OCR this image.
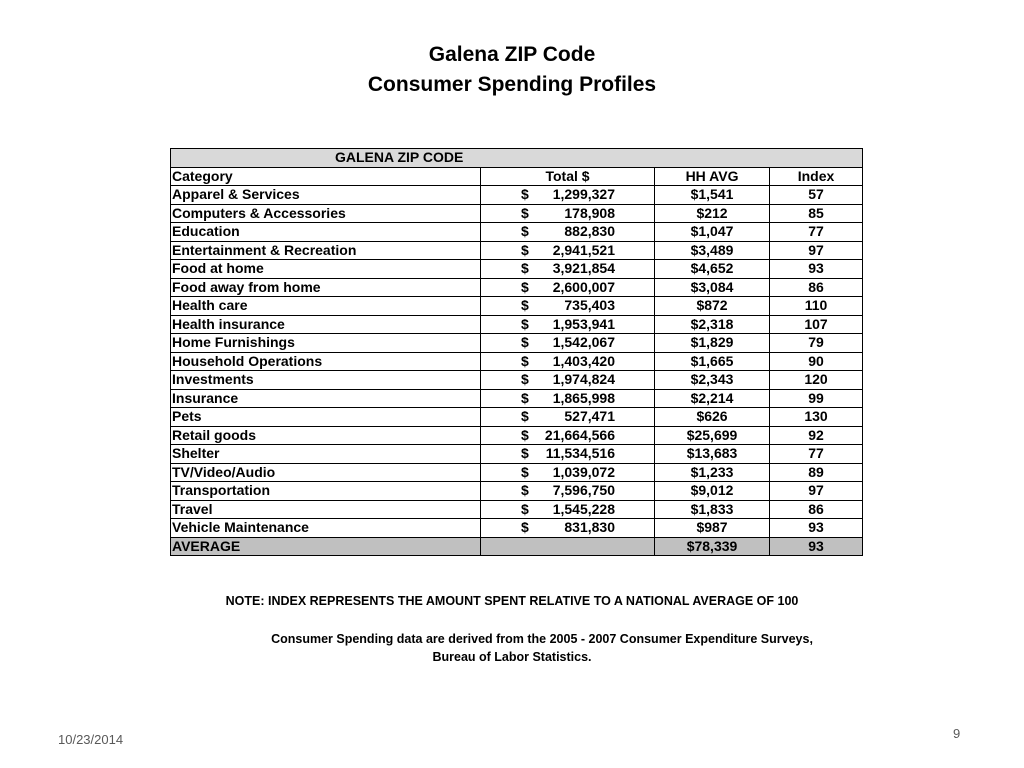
Galena ZIP Code
Consumer Spending Profiles
GALENA ZIP CODE			
Category	Total $	HH AVG	Index
Apparel & Services	$ 1,299,327	$1,541	57
Computers & Accessories	$ 178,908	$212	85
Education	$ 882,830	$1,047	77
Entertainment & Recreation	$ 2,941,521	$3,489	97
Food at home	$ 3,921,854	$4,652	93
Food away from home	$ 2,600,007	$3,084	86
Health care	$ 735,403	$872	110
Health insurance	$ 1,953,941	$2,318	107
Home Furnishings	$ 1,542,067	$1,829	79
Household Operations	$ 1,403,420	$1,665	90
Investments	$ 1,974,824	$2,343	120
Insurance	$ 1,865,998	$2,214	99
Pets	$ 527,471	$626	130
Retail goods	$ 21,664,566	$25,699	92
Shelter	$ 11,534,516	$13,683	77
TV/Video/Audio	$ 1,039,072	$1,233	89
Transportation	$ 7,596,750	$9,012	97
Travel	$ 1,545,228	$1,833	86
Vehicle Maintenance	$ 831,830	$987	93
AVERAGE		$78,339	93
NOTE: INDEX REPRESENTS THE AMOUNT SPENT RELATIVE TO A NATIONAL AVERAGE OF 100
Consumer Spending data are derived from the 2005 - 2007 Consumer Expenditure Surveys,
Bureau of Labor Statistics.
10/23/2014	9
